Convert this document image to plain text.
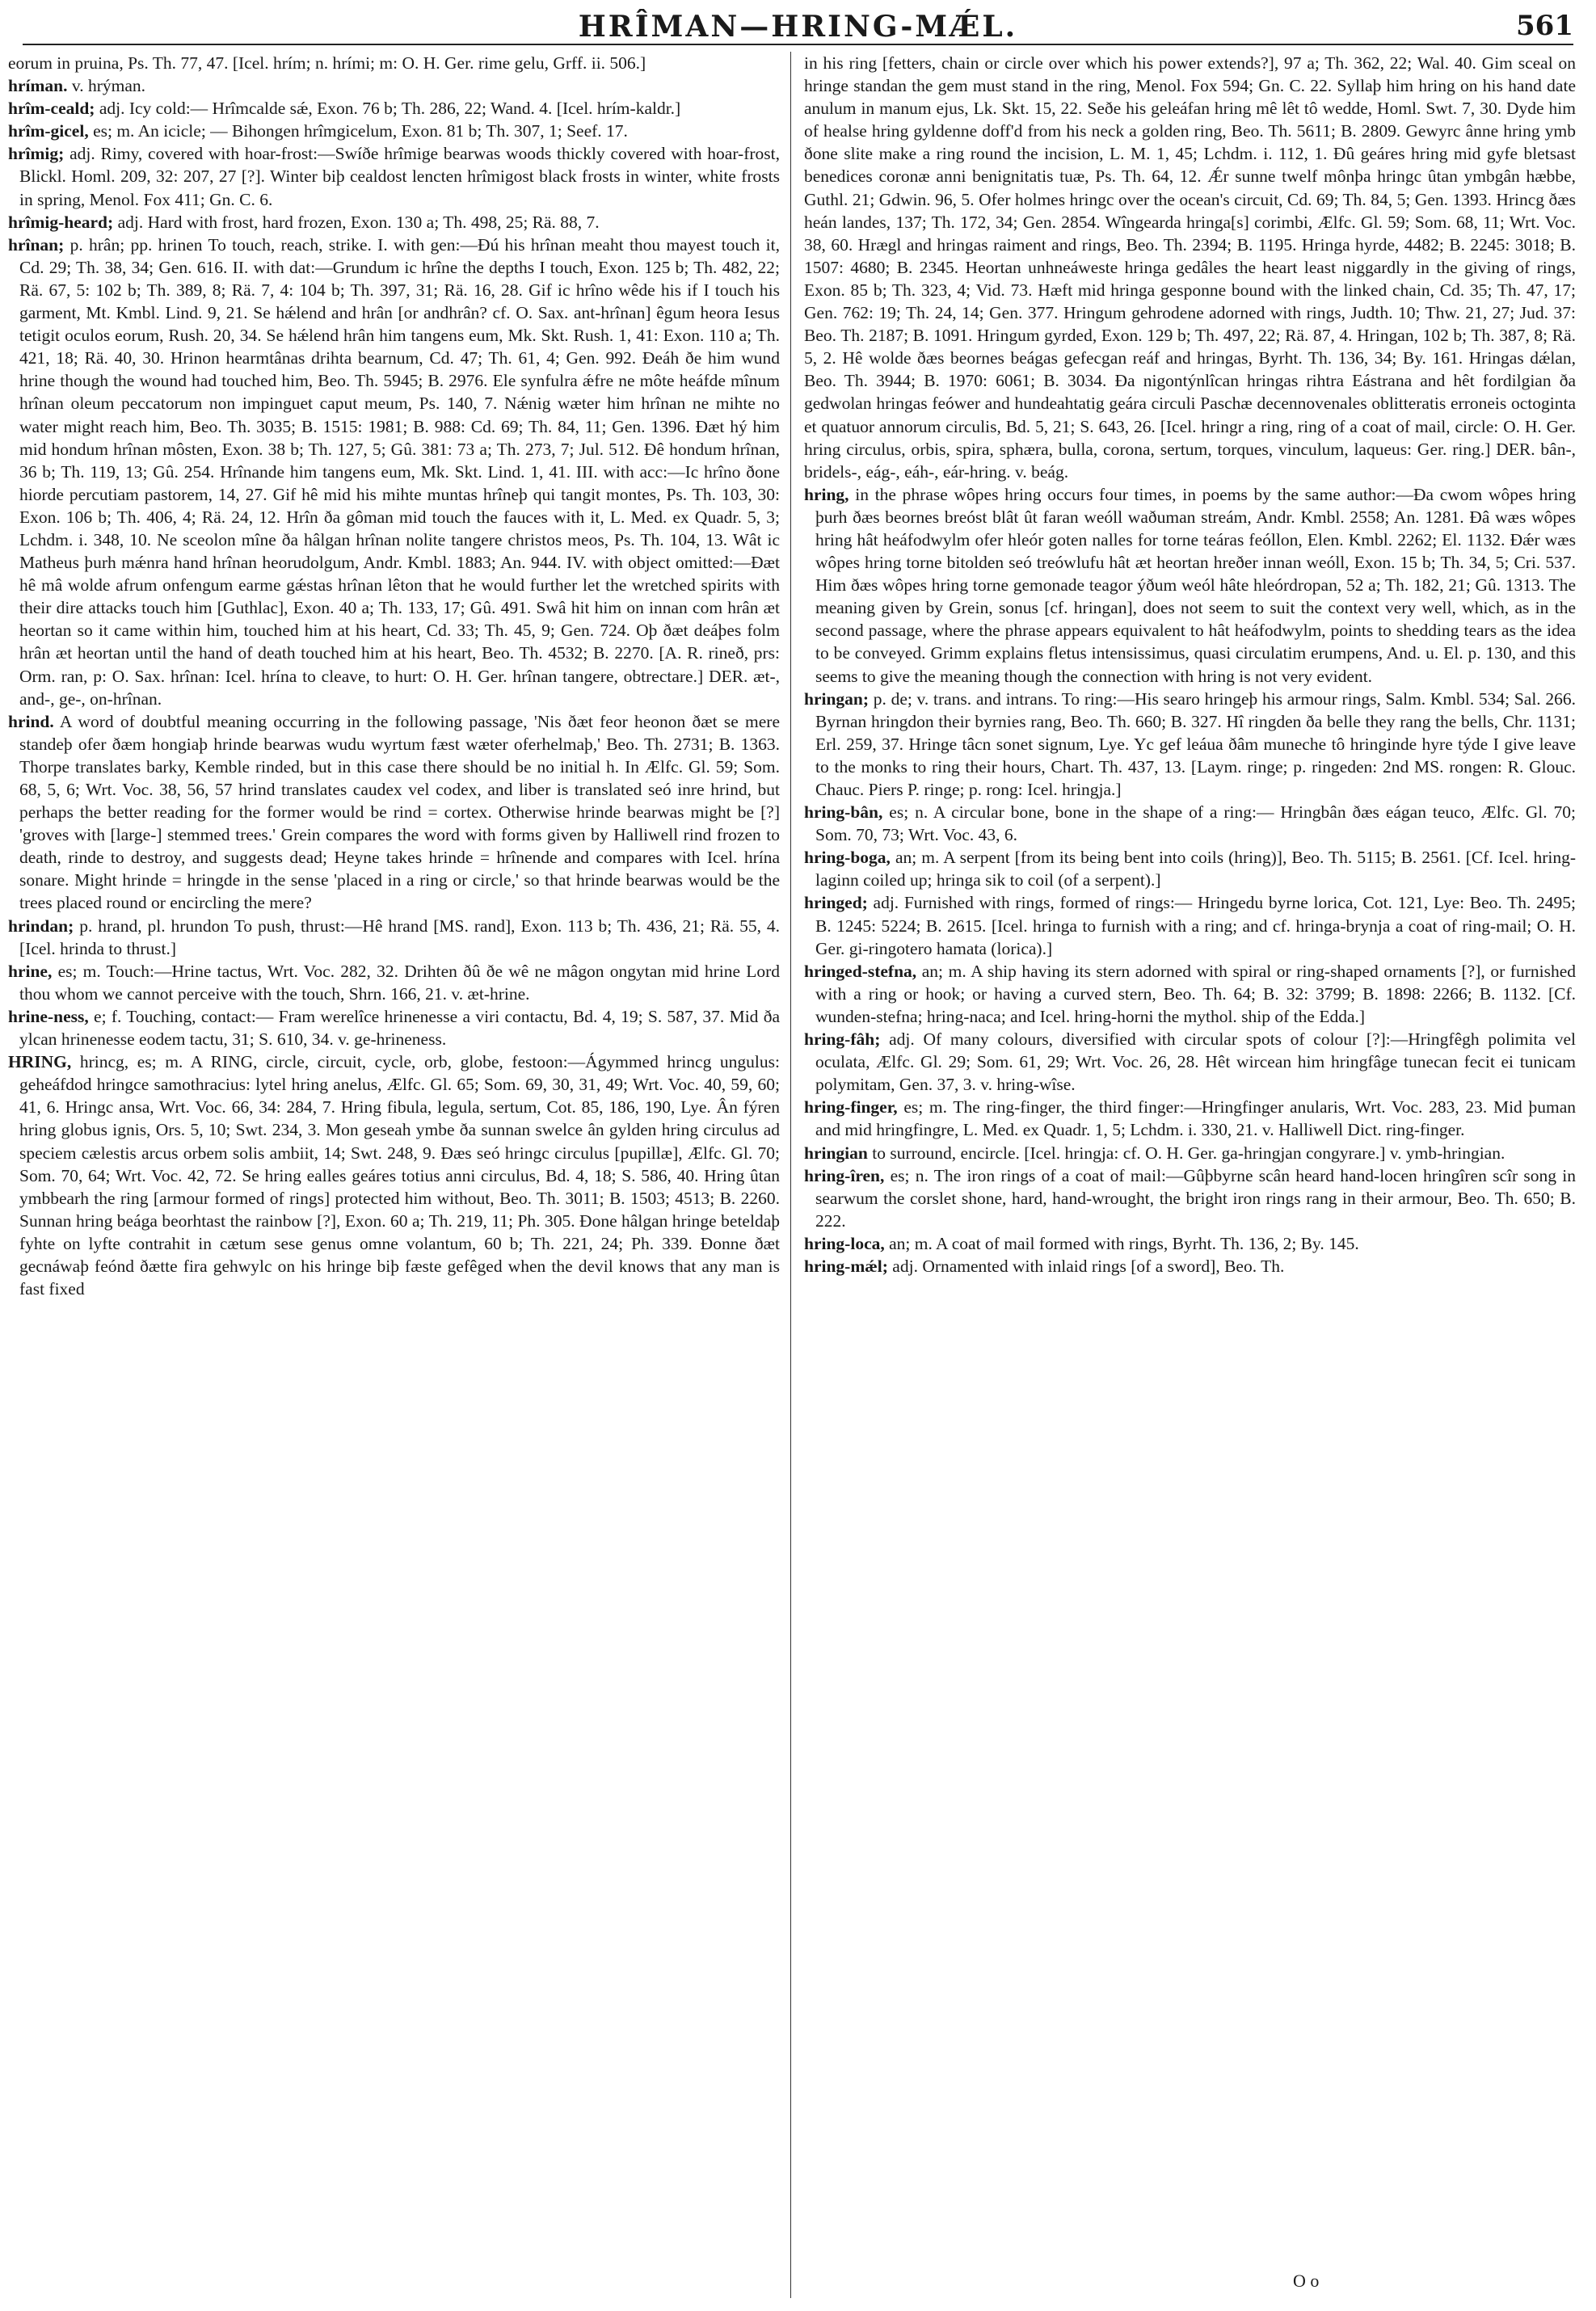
HRÎMAN—HRING-MǼL.	561

eorum in pruina, Ps. Th. 77, 47. [Icel. hrím; n. hrími; m: O. H. Ger. rime gelu, Grff. ii. 506.]

hríman. v. hrýman.

hrîm-ceald; adj. Icy cold:— Hrîmcalde sǽ, Exon. 76 b; Th. 286, 22; Wand. 4. [Icel. hrím-kaldr.]

hrîm-gicel, es; m. An icicle; — Bihongen hrîmgicelum, Exon. 81 b; Th. 307, 1; Seef. 17.

hrîmig; adj. Rimy, covered with hoar-frost:—Swíðe hrîmige bearwas woods thickly covered with hoar-frost, Blickl. Homl. 209, 32: 207, 27 [?]. Winter biþ cealdost lencten hrîmigost black frosts in winter, white frosts in spring, Menol. Fox 411; Gn. C. 6.

hrîmig-heard; adj. Hard with frost, hard frozen, Exon. 130 a; Th. 498, 25; Rä. 88, 7.

hrînan; p. hrân; pp. hrinen To touch, reach, strike. I. with gen:—Ðú his hrînan meaht thou mayest touch it, Cd. 29; Th. 38, 34; Gen. 616. II. with dat:—Grundum ic hrîne the depths I touch, Exon. 125 b; Th. 482, 22; Rä. 67, 5: 102 b; Th. 389, 8; Rä. 7, 4: 104 b; Th. 397, 31; Rä. 16, 28. Gif ic hrîno wêde his if I touch his garment, Mt. Kmbl. Lind. 9, 21. Se hǽlend and hrân [or andhrân? cf. O. Sax. ant-hrînan] êgum heora Iesus tetigit oculos eorum, Rush. 20, 34. Se hǽlend hrân him tangens eum, Mk. Skt. Rush. 1, 41: Exon. 110 a; Th. 421, 18; Rä. 40, 30. Hrinon hearmtânas drihta bearnum, Cd. 47; Th. 61, 4; Gen. 992. Ðeáh ðe him wund hrine though the wound had touched him, Beo. Th. 5945; B. 2976. Ele synfulra ǽfre ne môte heáfde mînum hrînan oleum peccatorum non impinguet caput meum, Ps. 140, 7. Nǽnig wæter him hrînan ne mihte no water might reach him, Beo. Th. 3035; B. 1515: 1981; B. 988: Cd. 69; Th. 84, 11; Gen. 1396. Ðæt hý him mid hondum hrînan môsten, Exon. 38 b; Th. 127, 5; Gû. 381: 73 a; Th. 273, 7; Jul. 512. Ðê hondum hrînan, 36 b; Th. 119, 13; Gû. 254. Hrînande him tangens eum, Mk. Skt. Lind. 1, 41. III. with acc:—Ic hrîno ðone hiorde percutiam pastorem, 14, 27. Gif hê mid his mihte muntas hrîneþ qui tangit montes, Ps. Th. 103, 30: Exon. 106 b; Th. 406, 4; Rä. 24, 12. Hrîn ða gôman mid touch the fauces with it, L. Med. ex Quadr. 5, 3; Lchdm. i. 348, 10. Ne sceolon mîne ða hâlgan hrînan nolite tangere christos meos, Ps. Th. 104, 13. Wât ic Matheus þurh mǽnra hand hrînan heorudolgum, Andr. Kmbl. 1883; An. 944. IV. with object omitted:—Ðæt hê mâ wolde afrum onfengum earme gǽstas hrînan lêton that he would further let the wretched spirits with their dire attacks touch him [Guthlac], Exon. 40 a; Th. 133, 17; Gû. 491. Swâ hit him on innan com hrân æt heortan so it came within him, touched him at his heart, Cd. 33; Th. 45, 9; Gen. 724. Oþ ðæt deáþes folm hrân æt heortan until the hand of death touched him at his heart, Beo. Th. 4532; B. 2270. [A. R. rineð, prs: Orm. ran, p: O. Sax. hrînan: Icel. hrína to cleave, to hurt: O. H. Ger. hrînan tangere, obtrectare.] DER. æt-, and-, ge-, on-hrînan.

hrind. A word of doubtful meaning occurring in the following passage, 'Nis ðæt feor heonon ðæt se mere standeþ ofer ðæm hongiaþ hrinde bearwas wudu wyrtum fæst wæter oferhelmaþ,' Beo. Th. 2731; B. 1363. Thorpe translates barky, Kemble rinded, but in this case there should be no initial h. In Ælfc. Gl. 59; Som. 68, 5, 6; Wrt. Voc. 38, 56, 57 hrind translates caudex vel codex, and liber is translated seó inre hrind, but perhaps the better reading for the former would be rind = cortex. Otherwise hrinde bearwas might be [?] 'groves with [large-] stemmed trees.' Grein compares the word with forms given by Halliwell rind frozen to death, rinde to destroy, and suggests dead; Heyne takes hrinde = hrînende and compares with Icel. hrína sonare. Might hrinde = hringde in the sense 'placed in a ring or circle,' so that hrinde bearwas would be the trees placed round or encircling the mere?

hrindan; p. hrand, pl. hrundon To push, thrust:—Hê hrand [MS. rand], Exon. 113 b; Th. 436, 21; Rä. 55, 4. [Icel. hrinda to thrust.]

hrine, es; m. Touch:—Hrine tactus, Wrt. Voc. 282, 32. Drihten ðû ðe wê ne mâgon ongytan mid hrine Lord thou whom we cannot perceive with the touch, Shrn. 166, 21. v. æt-hrine.

hrine-ness, e; f. Touching, contact:— Fram werelîce hrinenesse a viri contactu, Bd. 4, 19; S. 587, 37. Mid ða ylcan hrinenesse eodem tactu, 31; S. 610, 34. v. ge-hrineness.

HRING, hrincg, es; m. A RING, circle, circuit, cycle, orb, globe, festoon:—Ágymmed hrincg ungulus: geheáfdod hringce samothracius: lytel hring anelus, Ælfc. Gl. 65; Som. 69, 30, 31, 49; Wrt. Voc. 40, 59, 60; 41, 6. Hringc ansa, Wrt. Voc. 66, 34: 284, 7. Hring fibula, legula, sertum, Cot. 85, 186, 190, Lye. Ân fýren hring globus ignis, Ors. 5, 10; Swt. 234, 3. Mon geseah ymbe ða sunnan swelce ân gylden hring circulus ad speciem cælestis arcus orbem solis ambiit, 14; Swt. 248, 9. Ðæs seó hringc circulus [pupillæ], Ælfc. Gl. 70; Som. 70, 64; Wrt. Voc. 42, 72. Se hring ealles geáres totius anni circulus, Bd. 4, 18; S. 586, 40. Hring ûtan ymbbearh the ring [armour formed of rings] protected him without, Beo. Th. 3011; B. 1503; 4513; B. 2260. Sunnan hring beága beorhtast the rainbow [?], Exon. 60 a; Th. 219, 11; Ph. 305. Ðone hâlgan hringe beteldaþ fyhte on lyfte contrahit in cætum sese genus omne volantum, 60 b; Th. 221, 24; Ph. 339. Ðonne ðæt gecnáwaþ feónd ðætte fira gehwylc on his hringe biþ fæste gefêged when the devil knows that any man is fast fixed

in his ring [fetters, chain or circle over which his power extends?], 97 a; Th. 362, 22; Wal. 40. Gim sceal on hringe standan the gem must stand in the ring, Menol. Fox 594; Gn. C. 22. Syllaþ him hring on his hand date anulum in manum ejus, Lk. Skt. 15, 22. Seðe his geleáfan hring mê lêt tô wedde, Homl. Swt. 7, 30. Dyde him of healse hring gyldenne doff'd from his neck a golden ring, Beo. Th. 5611; B. 2809. Gewyrc ânne hring ymb ðone slite make a ring round the incision, L. M. 1, 45; Lchdm. i. 112, 1. Ðû geáres hring mid gyfe bletsast benedices coronæ anni benignitatis tuæ, Ps. Th. 64, 12. Ǽr sunne twelf mônþa hringc ûtan ymbgân hæbbe, Guthl. 21; Gdwin. 96, 5. Ofer holmes hringc over the ocean's circuit, Cd. 69; Th. 84, 5; Gen. 1393. Hrincg ðæs heán landes, 137; Th. 172, 34; Gen. 2854. Wîngearda hringa[s] corimbi, Ælfc. Gl. 59; Som. 68, 11; Wrt. Voc. 38, 60. Hrægl and hringas raiment and rings, Beo. Th. 2394; B. 1195. Hringa hyrde, 4482; B. 2245: 3018; B. 1507: 4680; B. 2345. Heortan unhneáweste hringa gedâles the heart least niggardly in the giving of rings, Exon. 85 b; Th. 323, 4; Vid. 73. Hæft mid hringa gesponne bound with the linked chain, Cd. 35; Th. 47, 17; Gen. 762: 19; Th. 24, 14; Gen. 377. Hringum gehrodene adorned with rings, Judth. 10; Thw. 21, 27; Jud. 37: Beo. Th. 2187; B. 1091. Hringum gyrded, Exon. 129 b; Th. 497, 22; Rä. 87, 4. Hringan, 102 b; Th. 387, 8; Rä. 5, 2. Hê wolde ðæs beornes beágas gefecgan reáf and hringas, Byrht. Th. 136, 34; By. 161. Hringas dǽlan, Beo. Th. 3944; B. 1970: 6061; B. 3034. Ða nigontýnlîcan hringas rihtra Eástrana and hêt fordilgian ða gedwolan hringas feówer and hundeahtatig geára circuli Paschæ decennovenales oblitteratis erroneis octoginta et quatuor annorum circulis, Bd. 5, 21; S. 643, 26. [Icel. hringr a ring, ring of a coat of mail, circle: O. H. Ger. hring circulus, orbis, spira, sphæra, bulla, corona, sertum, torques, vinculum, laqueus: Ger. ring.] DER. bân-, bridels-, eág-, eáh-, eár-hring. v. beág.

hring, in the phrase wôpes hring occurs four times, in poems by the same author:—Ða cwom wôpes hring þurh ðæs beornes breóst blât ût faran weóll waðuman streám, Andr. Kmbl. 2558; An. 1281. Ðâ wæs wôpes hring hât heáfodwylm ofer hleór goten nalles for torne teáras feóllon, Elen. Kmbl. 2262; El. 1132. Ðǽr wæs wôpes hring torne bitolden seó treówlufu hât æt heortan hreðer innan weóll, Exon. 15 b; Th. 34, 5; Cri. 537. Him ðæs wôpes hring torne gemonade teagor ýðum weól hâte hleórdropan, 52 a; Th. 182, 21; Gû. 1313. The meaning given by Grein, sonus [cf. hringan], does not seem to suit the context very well, which, as in the second passage, where the phrase appears equivalent to hât heáfodwylm, points to shedding tears as the idea to be conveyed. Grimm explains fletus intensissimus, quasi circulatim erumpens, And. u. El. p. 130, and this seems to give the meaning though the connection with hring is not very evident.

hringan; p. de; v. trans. and intrans. To ring:—His searo hringeþ his armour rings, Salm. Kmbl. 534; Sal. 266. Byrnan hringdon their byrnies rang, Beo. Th. 660; B. 327. Hî ringden ða belle they rang the bells, Chr. 1131; Erl. 259, 37. Hringe tâcn sonet signum, Lye. Yc gef leáua ðâm muneche tô hringinde hyre týde I give leave to the monks to ring their hours, Chart. Th. 437, 13. [Laym. ringe; p. ringeden: 2nd MS. rongen: R. Glouc. Chauc. Piers P. ringe; p. rong: Icel. hringja.]

hring-bân, es; n. A circular bone, bone in the shape of a ring:— Hringbân ðæs eágan teuco, Ælfc. Gl. 70; Som. 70, 73; Wrt. Voc. 43, 6.

hring-boga, an; m. A serpent [from its being bent into coils (hring)], Beo. Th. 5115; B. 2561. [Cf. Icel. hring-laginn coiled up; hringa sik to coil (of a serpent).]

hringed; adj. Furnished with rings, formed of rings:— Hringedu byrne lorica, Cot. 121, Lye: Beo. Th. 2495; B. 1245: 5224; B. 2615. [Icel. hringa to furnish with a ring; and cf. hringa-brynja a coat of ring-mail; O. H. Ger. gi-ringotero hamata (lorica).]

hringed-stefna, an; m. A ship having its stern adorned with spiral or ring-shaped ornaments [?], or furnished with a ring or hook; or having a curved stern, Beo. Th. 64; B. 32: 3799; B. 1898: 2266; B. 1132. [Cf. wunden-stefna; hring-naca; and Icel. hring-horni the mythol. ship of the Edda.]

hring-fâh; adj. Of many colours, diversified with circular spots of colour [?]:—Hringfêgh polimita vel oculata, Ælfc. Gl. 29; Som. 61, 29; Wrt. Voc. 26, 28. Hêt wircean him hringfâge tunecan fecit ei tunicam polymitam, Gen. 37, 3. v. hring-wîse.

hring-finger, es; m. The ring-finger, the third finger:—Hringfinger anularis, Wrt. Voc. 283, 23. Mid þuman and mid hringfingre, L. Med. ex Quadr. 1, 5; Lchdm. i. 330, 21. v. Halliwell Dict. ring-finger.

hringian to surround, encircle. [Icel. hringja: cf. O. H. Ger. ga-hringjan congyrare.] v. ymb-hringian.

hring-îren, es; n. The iron rings of a coat of mail:—Gûþbyrne scân heard hand-locen hringîren scîr song in searwum the corslet shone, hard, hand-wrought, the bright iron rings rang in their armour, Beo. Th. 650; B. 222.

hring-loca, an; m. A coat of mail formed with rings, Byrht. Th. 136, 2; By. 145.

hring-mǽl; adj. Ornamented with inlaid rings [of a sword], Beo. Th.

O o
